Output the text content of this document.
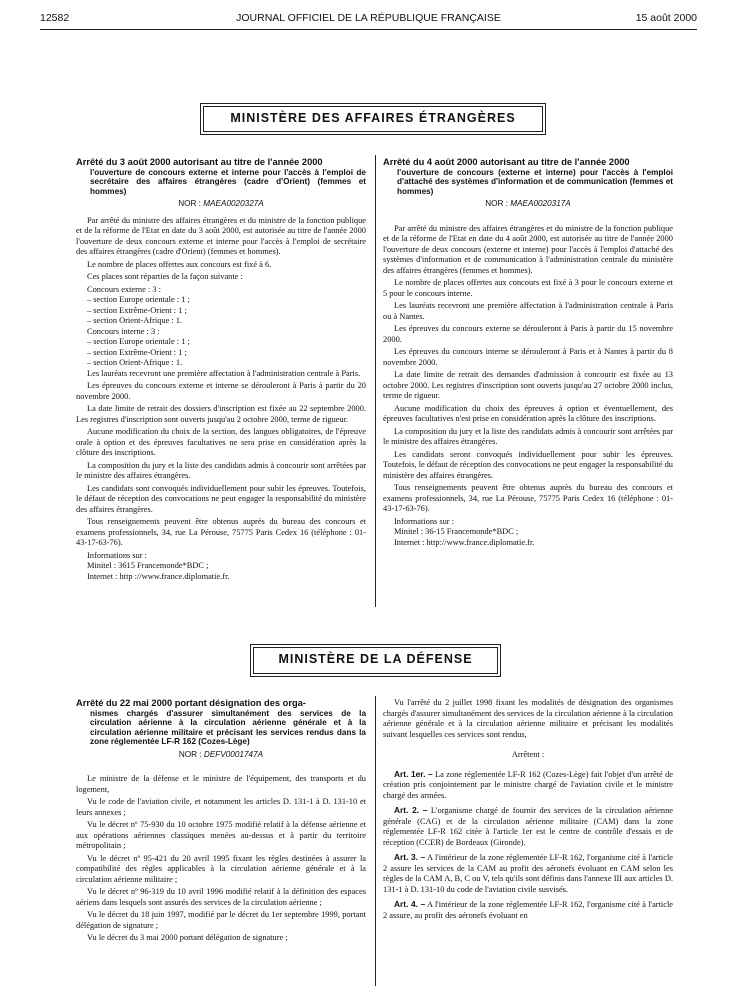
12582	JOURNAL OFFICIEL DE LA RÉPUBLIQUE FRANÇAISE	15 août 2000
MINISTÈRE DES AFFAIRES ÉTRANGÈRES

Arrêté du 3 août 2000 autorisant au titre de l'année 2000

l'ouverture de concours externe et interne pour l'accès à l'emploi de secrétaire des affaires étrangères (cadre d'Orient) (femmes et hommes)

NOR : MAEA0020327A

Par arrêté du ministre des affaires étrangères et du ministre de la fonction publique et de la réforme de l'Etat en date du 3 août 2000, est autorisée au titre de l'année 2000 l'ouverture de deux concours externe et interne pour l'accès à l'emploi de secrétaire des affaires étrangères (cadre d'Orient) (femmes et hommes).

Le nombre de places offertes aux concours est fixé à 6.

Ces places sont réparties de la façon suivante :

Concours externe : 3 :

– section Europe orientale : 1 ;

– section Extrême-Orient : 1 ;

– section Orient-Afrique : 1.

Concours interne : 3 :

– section Europe orientale : 1 ;

– section Extrême-Orient : 1 ;

– section Orient-Afrique : 1.

Les lauréats recevront une première affectation à l'administration centrale à Paris.

Les épreuves du concours externe et interne se dérouleront à Paris à partir du 20 novembre 2000.

La date limite de retrait des dossiers d'inscription est fixée au 22 septembre 2000. Les registres d'inscription sont ouverts jusqu'au 2 octobre 2000, terme de rigueur.

Aucune modification du choix de la section, des langues obligatoires, de l'épreuve orale à option et des épreuves facultatives ne sera prise en considération après la clôture des inscriptions.

La composition du jury et la liste des candidats admis à concourir sont arrêtées par le ministre des affaires étrangères.

Les candidats sont convoqués individuellement pour subir les épreuves. Toutefois, le défaut de réception des convocations ne peut engager la responsabilité du ministère des affaires étrangères.

Tous renseignements peuvent être obtenus auprès du bureau des concours et examens professionnels, 34, rue La Pérouse, 75775 Paris Cedex 16 (téléphone : 01-43-17-63-76).

Informations sur :

Minitel : 3615 Francemonde*BDC ;

Internet : http ://www.france.diplomatie.fr.

Arrêté du 4 août 2000 autorisant au titre de l'année 2000

l'ouverture de concours (externe et interne) pour l'accès à l'emploi d'attaché des systèmes d'information et de communication (femmes et hommes)

NOR : MAEA0020317A

Par arrêté du ministre des affaires étrangères et du ministre de la fonction publique et de la réforme de l'Etat en date du 4 août 2000, est autorisée au titre de l'année 2000 l'ouverture de deux concours (externe et interne) pour l'accès à l'emploi d'attaché des systèmes d'information et de communication à l'administration centrale du ministère des affaires étrangères (femmes et hommes).

Le nombre de places offertes aux concours est fixé à 3 pour le concours externe et 5 pour le concours interne.

Les lauréats recevront une première affectation à l'administration centrale à Paris ou à Nantes.

Les épreuves du concours externe se dérouleront à Paris à partir du 15 novembre 2000.

Les épreuves du concours interne se dérouleront à Paris et à Nantes à partir du 8 novembre 2000.

La date limite de retrait des demandes d'admission à concourir est fixée au 13 octobre 2000. Les registres d'inscription sont ouverts jusqu'au 27 octobre 2000 inclus, terme de rigueur.

Aucune modification du choix des épreuves à option et éventuellement, des épreuves facultatives n'est prise en considération après la clôture des inscriptions.

La composition du jury et la liste des candidats admis à concourir sont arrêtées par le ministre des affaires étrangères.

Les candidats seront convoqués individuellement pour subir les épreuves. Toutefois, le défaut de réception des convocations ne peut engager la responsabilité du ministère des affaires étrangères.

Tous renseignements peuvent être obtenus auprès du bureau des concours et examens professionnels, 34, rue La Pérouse, 75775 Paris Cedex 16 (téléphone : 01-43-17-63-76).

Informations sur :

Minitel : 36-15 Francemonde*BDC ;

Internet : http://www.france.diplomatie.fr.

MINISTÈRE DE LA DÉFENSE

Arrêté du 22 mai 2000 portant désignation des orga-

nismes chargés d'assurer simultanément des services de la circulation aérienne à la circulation aérienne générale et à la circulation aérienne militaire et précisant les services rendus dans la zone réglementée LF-R 162 (Cozes-Lège)

NOR : DEFV0001747A

Le ministre de la défense et le ministre de l'équipement, des transports et du logement,

Vu le code de l'aviation civile, et notamment les articles D. 131-1 à D. 131-10 et leurs annexes ;

Vu le décret nº 75-930 du 10 octobre 1975 modifié relatif à la défense aérienne et aux opérations aériennes classiques menées au-dessus et à partir du territoire métropolitain ;

Vu le décret nº 95-421 du 20 avril 1995 fixant les règles destinées à assurer la compatibilité des règles applicables à la circulation aérienne générale et à la circulation aérienne militaire ;

Vu le décret nº 96-319 du 10 avril 1996 modifié relatif à la définition des espaces aériens dans lesquels sont assurés des services de la circulation aérienne ;

Vu le décret du 18 juin 1997, modifié par le décret du 1er septembre 1999, portant délégation de signature ;

Vu le décret du 3 mai 2000 portant délégation de signature ;

Vu l'arrêté du 2 juillet 1998 fixant les modalités de désignation des organismes chargés d'assurer simultanément des services de la circulation aérienne à la circulation aérienne générale et à la circulation aérienne militaire et précisant les modalités suivant lesquelles ces services sont rendus,

Arrêtent :

Art. 1er. – La zone réglementée LF-R 162 (Cozes-Lège) fait l'objet d'un arrêté de création pris conjointement par le ministre chargé de l'aviation civile et le ministre chargé des armées.

Art. 2. – L'organisme chargé de fournir des services de la circulation aérienne générale (CAG) et de la circulation aérienne militaire (CAM) dans la zone réglementée LF-R 162 citée à l'article 1er est le centre de contrôle d'essais et de réception (CCER) de Bordeaux (Gironde).

Art. 3. – A l'intérieur de la zone réglementée LF-R 162, l'organisme cité à l'article 2 assure les services de la CAM au profit des aéronefs évoluant en CAM selon les règles de la CAM A, B, C ou V, tels qu'ils sont définis dans l'annexe III aux articles D. 131-1 à D. 131-10 du code de l'aviation civile susvisés.

Art. 4. – A l'intérieur de la zone réglementée LF-R 162, l'organisme cité à l'article 2 assure, au profit des aéronefs évoluant en
